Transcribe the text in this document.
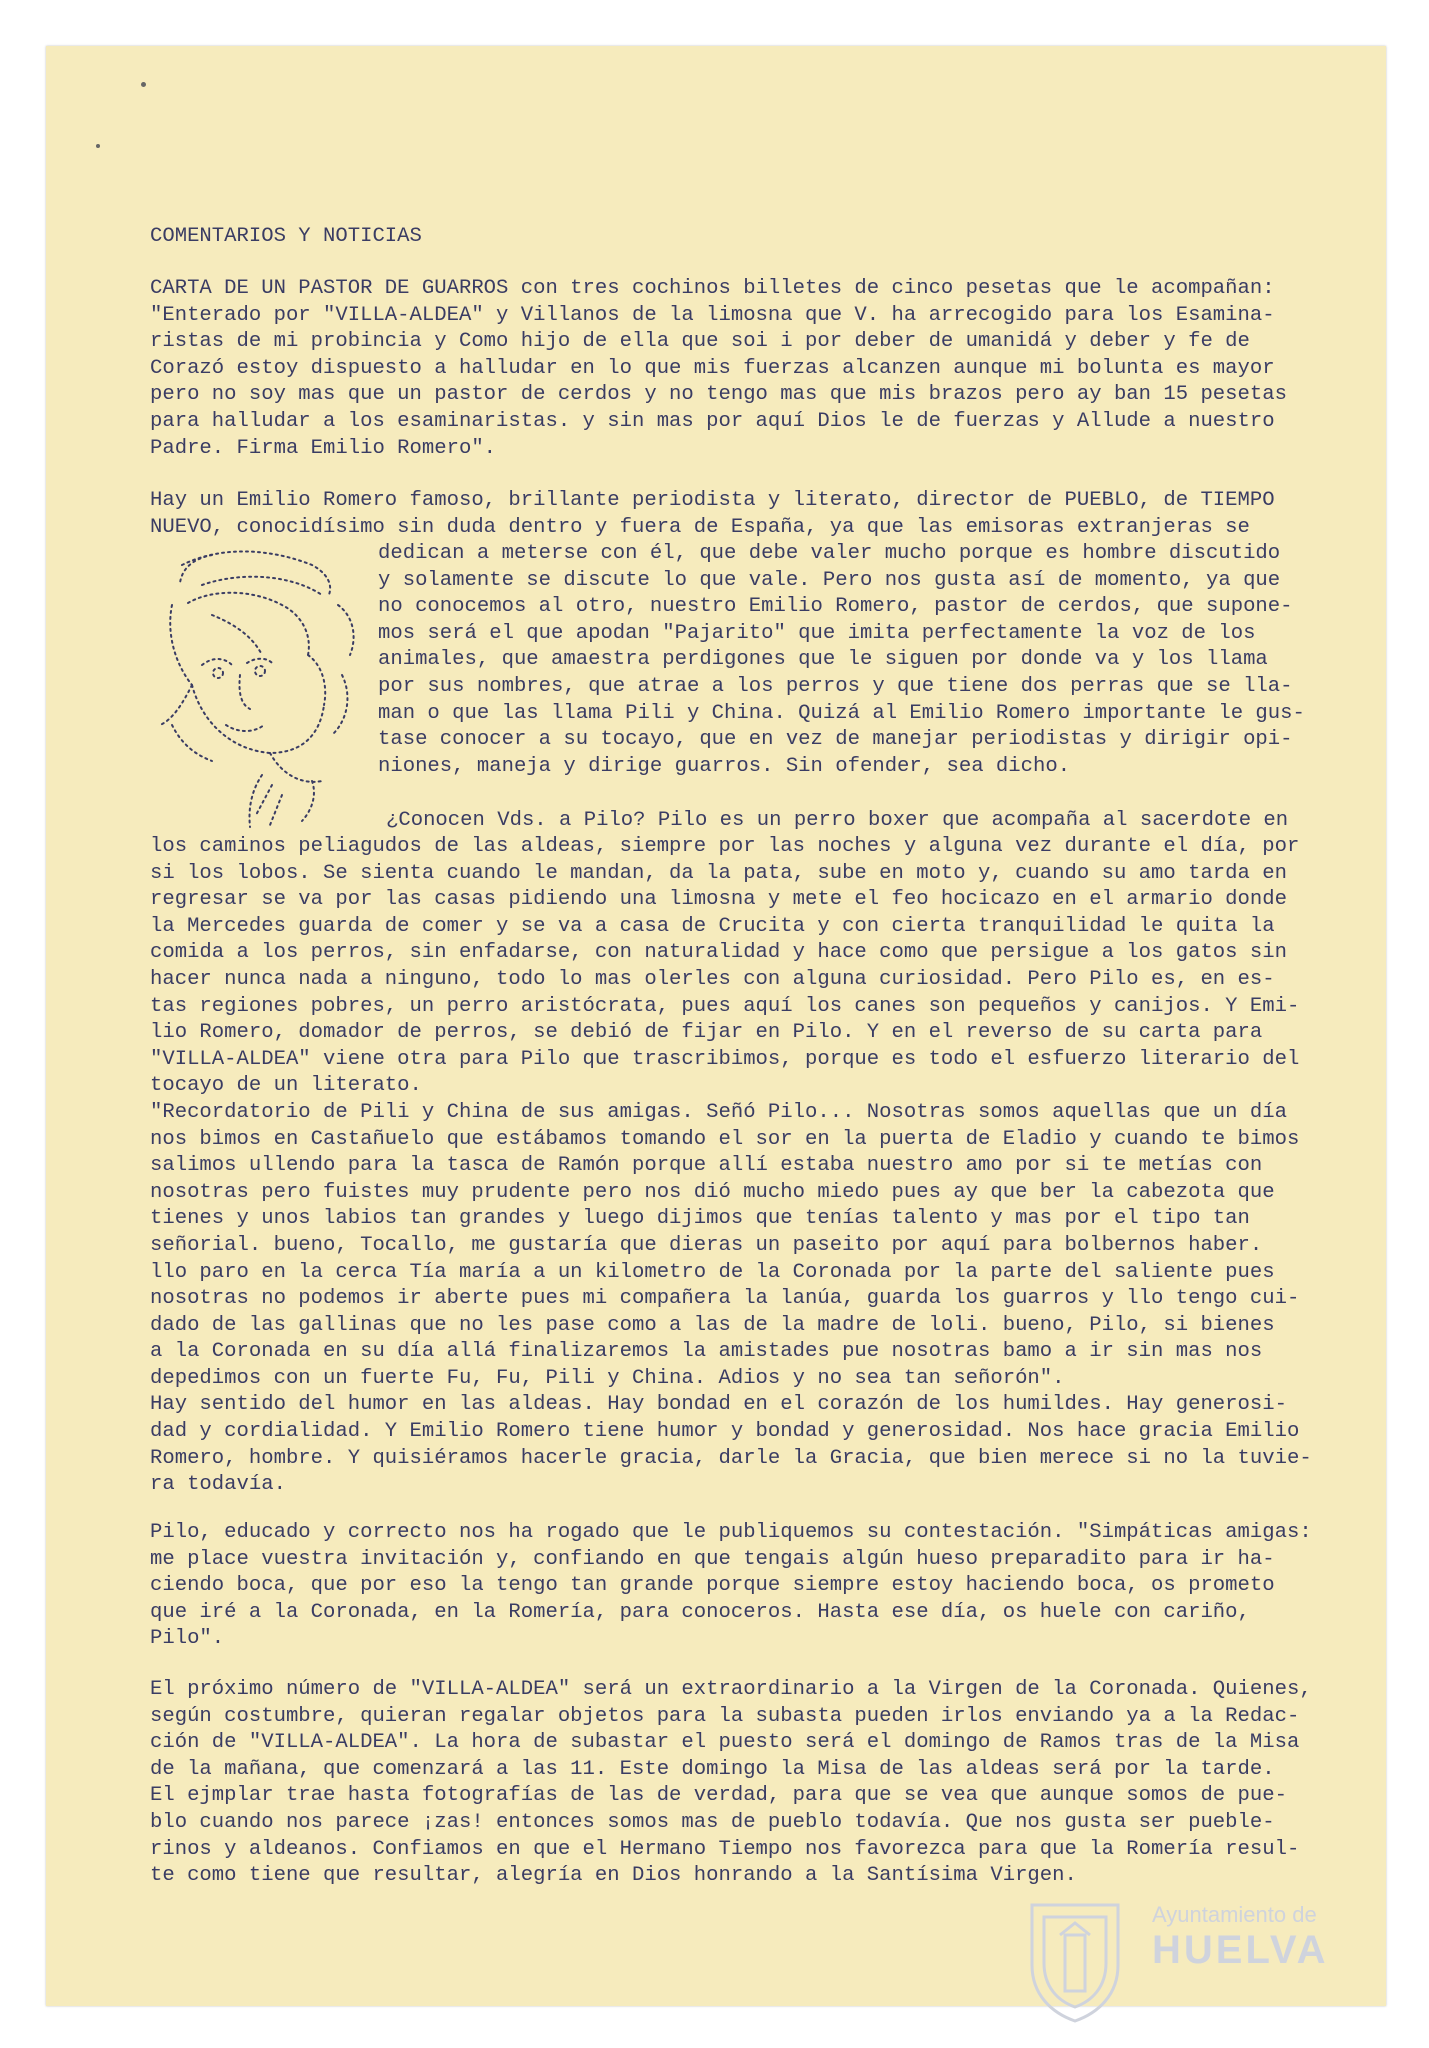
COMENTARIOS Y NOTICIAS
CARTA DE UN PASTOR DE GUARROS con tres cochinos billetes de cinco pesetas que le acompañan:
"Enterado por "VILLA-ALDEA" y Villanos de la limosna que V. ha arrecogido para los Esamina-
ristas de mi probincia y Como hijo de ella que soi i por deber de umanidá y deber y fe de
Corazó estoy dispuesto a halludar en lo que mis fuerzas alcanzen aunque mi bolunta es mayor
pero no soy mas que un pastor de cerdos y no tengo mas que mis brazos pero ay ban 15 pesetas
para halludar a los esaminaristas. y sin mas por aquí Dios le de fuerzas y Allude a nuestro
Padre. Firma Emilio Romero".
Hay un Emilio Romero famoso, brillante periodista y literato, director de PUEBLO, de TIEMPO
NUEVO, conocidísimo sin duda dentro y fuera de España, ya que las emisoras extranjeras se
dedican a meterse con él, que debe valer mucho porque es hombre discutido
y solamente se discute lo que vale. Pero nos gusta así de momento, ya que
no conocemos al otro, nuestro Emilio Romero, pastor de cerdos, que supone-
mos será el que apodan "Pajarito" que imita perfectamente la voz de los
animales, que amaestra perdigones que le siguen por donde va y los llama
por sus nombres, que atrae a los perros y que tiene dos perras que se lla-
man o que las llama Pili y China. Quizá al Emilio Romero importante le gus-
tase conocer a su tocayo, que en vez de manejar periodistas y dirigir opi-
niones, maneja y dirige guarros. Sin ofender, sea dicho.
¿Conocen Vds. a Pilo? Pilo es un perro boxer que acompaña al sacerdote en
los caminos peliagudos de las aldeas, siempre por las noches y alguna vez durante el día, por
si los lobos. Se sienta cuando le mandan, da la pata, sube en moto y, cuando su amo tarda en
regresar se va por las casas pidiendo una limosna y mete el feo hocicazo en el armario donde
la Mercedes guarda de comer y se va a casa de Crucita y con cierta tranquilidad le quita la
comida a los perros, sin enfadarse, con naturalidad y hace como que persigue a los gatos sin
hacer nunca nada a ninguno, todo lo mas olerles con alguna curiosidad. Pero Pilo es, en es-
tas regiones pobres, un perro aristócrata, pues aquí los canes son pequeños y canijos. Y Emi-
lio Romero, domador de perros, se debió de fijar en Pilo. Y en el reverso de su carta para
"VILLA-ALDEA" viene otra para Pilo que trascribimos, porque es todo el esfuerzo literario del
tocayo de un literato.
"Recordatorio de Pili y China de sus amigas. Señó Pilo... Nosotras somos aquellas que un día
nos bimos en Castañuelo que estábamos tomando el sor en la puerta de Eladio y cuando te bimos
salimos ullendo para la tasca de Ramón porque allí estaba nuestro amo por si te metías con
nosotras pero fuistes muy prudente pero nos dió mucho miedo pues ay que ber la cabezota que
tienes y unos labios tan grandes y luego dijimos que tenías talento y mas por el tipo tan
señorial. bueno, Tocallo, me gustaría que dieras un paseito por aquí para bolbernos haber.
llo paro en la cerca Tía maría a un kilometro de la Coronada por la parte del saliente pues
nosotras no podemos ir aberte pues mi compañera la lanúa, guarda los guarros y llo tengo cui-
dado de las gallinas que no les pase como a las de la madre de loli. bueno, Pilo, si bienes
a la Coronada en su día allá finalizaremos la amistades pue nosotras bamo a ir sin mas nos
depedimos con un fuerte Fu, Fu, Pili y China. Adios y no sea tan señorón".
Hay sentido del humor en las aldeas. Hay bondad en el corazón de los humildes. Hay generosi-
dad y cordialidad. Y Emilio Romero tiene humor y bondad y generosidad. Nos hace gracia Emilio
Romero, hombre. Y quisiéramos hacerle gracia, darle la Gracia, que bien merece si no la tuvie-
ra todavía.
Pilo, educado y correcto nos ha rogado que le publiquemos su contestación. "Simpáticas amigas:
me place vuestra invitación y, confiando en que tengais algún hueso preparadito para ir ha-
ciendo boca, que por eso la tengo tan grande porque siempre estoy haciendo boca, os prometo
que iré a la Coronada, en la Romería, para conoceros. Hasta ese día, os huele con cariño,
Pilo".
El próximo número de "VILLA-ALDEA" será un extraordinario a la Virgen de la Coronada. Quienes,
según costumbre, quieran regalar objetos para la subasta pueden irlos enviando ya a la Redac-
ción de "VILLA-ALDEA". La hora de subastar el puesto será el domingo de Ramos tras de la Misa
de la mañana, que comenzará a las 11. Este domingo la Misa de las aldeas será por la tarde.
El ejmplar trae hasta fotografías de las de verdad, para que se vea que aunque somos de pue-
blo cuando nos parece ¡zas! entonces somos mas de pueblo todavía. Que nos gusta ser pueble-
rinos y aldeanos. Confiamos en que el Hermano Tiempo nos favorezca para que la Romería resul-
te como tiene que resultar, alegría en Dios honrando a la Santísima Virgen.
Ayuntamiento de
HUELVA
